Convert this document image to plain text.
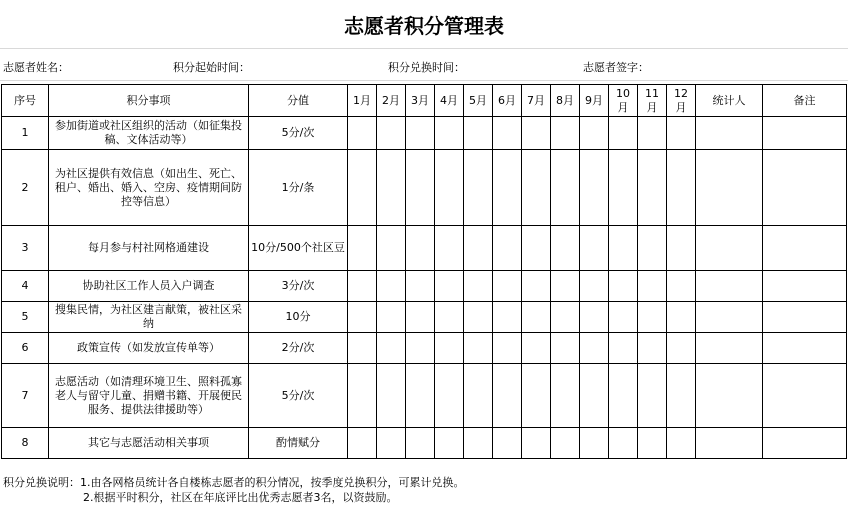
志愿者积分管理表
志愿者姓名：	积分起始时间：	积分兑换时间：	志愿者签字：
序号	积分事项	分值	1月	2月	3月	4月	5月	6月	7月	8月	9月	10月	11月	12月	统计人	备注
1	参加街道或社区组织的活动（如征集投稿、文体活动等）	5分/次														
2	为社区提供有效信息（如出生、死亡、租户、婚出、婚入、空房、疫情期间防控等信息）	1分/条														
3	每月参与村社网格通建设	10分/500个社区豆														
4	协助社区工作人员入户调查	3分/次														
5	搜集民情，为社区建言献策，被社区采纳	10分														
6	政策宣传（如发放宣传单等）	2分/次														
7	志愿活动（如清理环境卫生、照料孤寡老人与留守儿童、捐赠书籍、开展便民服务、提供法律援助等）	5分/次														
8	其它与志愿活动相关事项	酌情赋分														
积分兑换说明：1.由各网格员统计各自楼栋志愿者的积分情况，按季度兑换积分，可累计兑换。
2.根据平时积分，社区在年底评比出优秀志愿者3名，以资鼓励。
